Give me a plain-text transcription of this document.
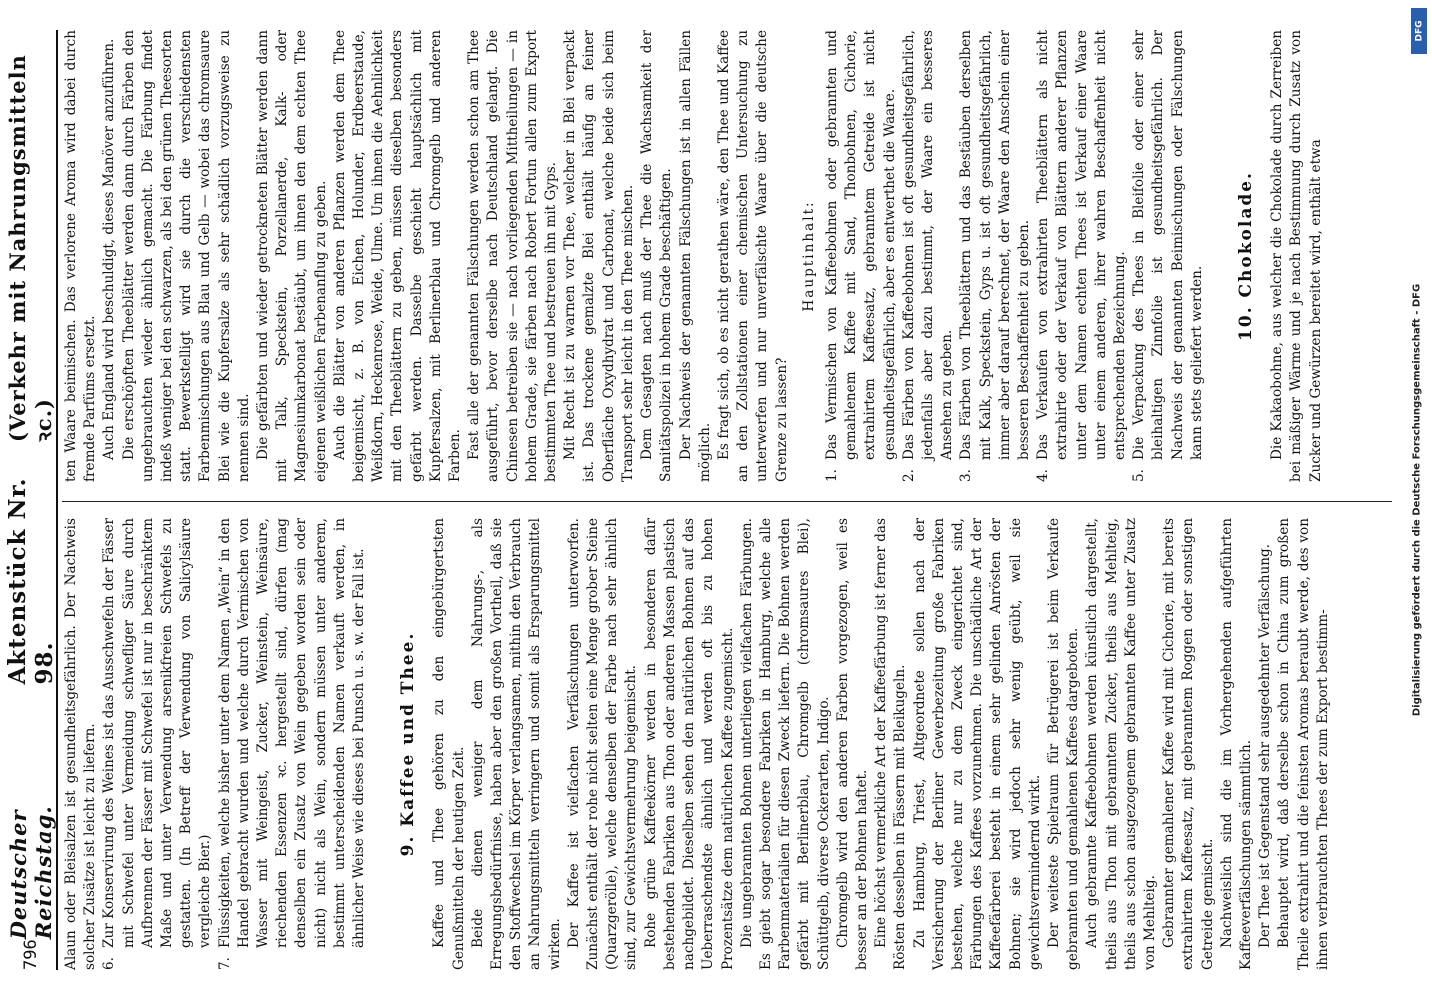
796
Deutscher Reichstag.
Aktenstück Nr. 98.
(Verkehr mit Nahrungsmitteln ꝛc.)

Alaun oder Bleisalzen ist gesundheitsgefährlich. Der Nachweis solcher Zusätze ist leicht zu liefern. 6.
Zur Konservirung des Weines ist das Ausschwefeln der Fässer mit Schwefel unter Vermeidung schwefliger Säure durch Aufbrennen der Fässer mit Schwefel ist nur in beschränktem Maße und unter Verwendung arsenikfreien Schwefels zu gestatten. (In Betreff der Verwendung von Salicylsäure vergleiche Bier.)
7.
Flüssigkeiten, welche bisher unter dem Namen „Wein“ in den Handel gebracht wurden und welche durch Vermischen von Wasser mit Weingeist, Zucker, Weinstein, Weinsäure, riechenden Essenzen ꝛc. hergestellt sind, dürfen (mag denselben ein Zusatz von Wein gegeben worden sein oder nicht) nicht als Wein, sondern müssen unter anderem, bestimmt unterscheidenden Namen verkauft werden, in ähnlicher Weise wie dieses bei Punsch u. s. w. der Fall ist. 9. Kaffee und Thee. Kaffee und Thee gehören zu den eingebürgertsten Genußmitteln der heutigen Zeit. Beide dienen weniger dem Nahrungs-, als Erregungsbedürfnisse, haben aber den großen Vortheil, daß sie den Stoffwechsel im Körper verlangsamen, mithin den Verbrauch an Nahrungsmitteln verringern und somit als Ersparungsmittel wirken. Der Kaffee ist vielfachen Verfälschungen unterworfen. Zunächst enthält der rohe nicht selten eine Menge grober Steine (Quarzgerölle), welche denselben der Farbe nach sehr ähnlich sind, zur Gewichtsvermehrung beigemischt. Rohe grüne Kaffeekörner werden in besonderen dafür bestehenden Fabriken aus Thon oder anderen Massen plastisch nachgebildet. Dieselben sehen den natürlichen Bohnen auf das Ueberraschendste ähnlich und werden oft bis zu hohen Prozentsätze dem natürlichen Kaffee zugemischt. Die ungebrannten Bohnen unterliegen vielfachen Färbungen. Es giebt sogar besondere Fabriken in Hamburg, welche alle Farbenmaterialien für diesen Zweck liefern. Die Bohnen werden gefärbt mit Berlinerblau, Chromgelb (chromsaures Blei), Schüttgelb, diverse Ockerarten, Indigo. Chromgelb wird den anderen Farben vorgezogen, weil es besser an der Bohnen haftet. Eine höchst vermerkliche Art der Kaffeefärbung ist ferner das Rösten desselben in Fässern mit Bleikugeln. Zu Hamburg, Triest, Altgeordnete sollen nach der Versicherung der Berliner Gewerbezeitung große Fabriken bestehen, welche nur zu dem Zweck eingerichtet sind, Färbungen des Kaffees vorzunehmen. Die unschädliche Art der Kaffeefärberei besteht in einem sehr gelinden Anrösten der Bohnen; sie wird jedoch sehr wenig geübt, weil sie gewichtsvermindernd wirkt. Der weiteste Spielraum für Betrügerei ist beim Verkaufe gebrannten und gemahlenen Kaffees dargeboten. Auch gebrannte Kaffeebohnen werden künstlich dargestellt, theils aus Thon mit gebranntem Zucker, theils aus Mehlteig, theils aus schon ausgezogenem gebrannten Kaffee unter Zusatz von Mehlteig. Gebrannter gemahlener Kaffee wird mit Cichorie, mit bereits extrahirtem Kaffeesatz, mit gebranntem Roggen oder sonstigen Getreide gemischt. Nachweislich sind die im Vorhergehenden aufgeführten Kaffeeverfälschungen sämmtlich. Der Thee ist Gegenstand sehr ausgedehnter Verfälschung. Behauptet wird, daß derselbe schon in China zum großen Theile extrahirt und die feinsten Aromas beraubt werde, des von ihnen verbrauchten Thees der zum Export bestimm-

ten Waare beimischen. Das verlorene Aroma wird dabei durch fremde Parfüms ersetzt. Auch England wird beschuldigt, dieses Manöver anzuführen. Die erschöpften Theeblätter werden dann durch Färben den ungebrauchten wieder ähnlich gemacht. Die Färbung findet indeß weniger bei den schwarzen, als bei den grünen Theesorten statt. Bewerkstelligt wird sie durch die verschiedensten Farbenmischungen aus Blau und Gelb — wobei das chromsaure Blei wie die Kupfersalze als sehr schädlich vorzugsweise zu nennen sind. Die gefärbten und wieder getrockneten Blätter werden dann mit Talk, Speckstein, Porzellanerde, Kalk- oder Magnesiumkarbonat bestäubt, um ihnen den dem echten Thee eigenen weißlichen Farbenanflug zu geben. Auch die Blätter von anderen Pflanzen werden dem Thee beigemischt, z. B. von Eichen, Holunder, Erdbeerstaude, Weißdorn, Heckenrose, Weide, Ulme. Um ihnen die Aehnlichkeit mit den Theeblättern zu geben, müssen dieselben besonders gefärbt werden. Dasselbe geschieht hauptsächlich mit Kupfersalzen, mit Berlinerblau und Chromgelb und anderen Farben. Fast alle der genannten Fälschungen werden schon am Thee ausgeführt, bevor derselbe nach Deutschland gelangt. Die Chinesen betreiben sie — nach vorliegenden Mittheilungen — in hohem Grade, sie färben nach Robert Fortun allen zum Export bestimmten Thee und bestreuen ihn mit Gyps. Mit Recht ist zu warnen vor Thee, welcher in Blei verpackt ist. Das trockene gemalzte Blei enthält häufig an feiner Oberfläche Oxydhydrat und Carbonat, welche beide sich beim Transport sehr leicht in den Thee mischen. Dem Gesagten nach muß der Thee die Wachsamkeit der Sanitätspolizei in hohem Grade beschäftigen. Der Nachweis der genannten Fälschungen ist in allen Fällen möglich. Es fragt sich, ob es nicht gerathen wäre, den Thee und Kaffee an den Zollstationen einer chemischen Untersuchung zu unterwerfen und nur unverfälschte Waare über die deutsche Grenze zu lassen?

Hauptinhalt:
1.
Das Vermischen von Kaffeebohnen oder gebrannten und gemahlenem Kaffee mit Sand, Thonbohnen, Cichorie, extrahirtem Kaffeesatz, gebranntem Getreide ist nicht gesundheitsgefährlich, aber es entwerthet die Waare.
2.
Das Färben von Kaffeebohnen ist oft gesundheitsgefährlich, jedenfalls aber dazu bestimmt, der Waare ein besseres Ansehen zu geben.
3.
Das Färben von Theeblättern und das Bestäuben derselben mit Kalk, Speckstein, Gyps u. ist oft gesundheitsgefährlich, immer aber darauf berechnet, der Waare den Anschein einer besseren Beschaffenheit zu geben.
4.
Das Verkaufen von extrahirten Theeblättern als nicht extrahirte oder der Verkauf von Blättern anderer Pflanzen unter dem Namen echten Thees ist Verkauf einer Waare unter einem anderen, ihrer wahren Beschaffenheit nicht entsprechenden Bezeichnung.
5.
Die Verpackung des Thees in Bleifolie oder einer sehr bleihaltigen Zinnfolie ist gesundheitsgefährlich. Der Nachweis der genannten Beimischungen oder Fälschungen kann stets geliefert werden.
10. Chokolade. Die Kakaobohne, aus welcher die Chokolade durch Zerreiben bei mäßiger Wärme und je nach Bestimmung durch Zusatz von Zucker und Gewürzen bereitet wird, enthält etwa

DFG
Digitalisierung gefördert durch die Deutsche Forschungsgemeinschaft - DFG
